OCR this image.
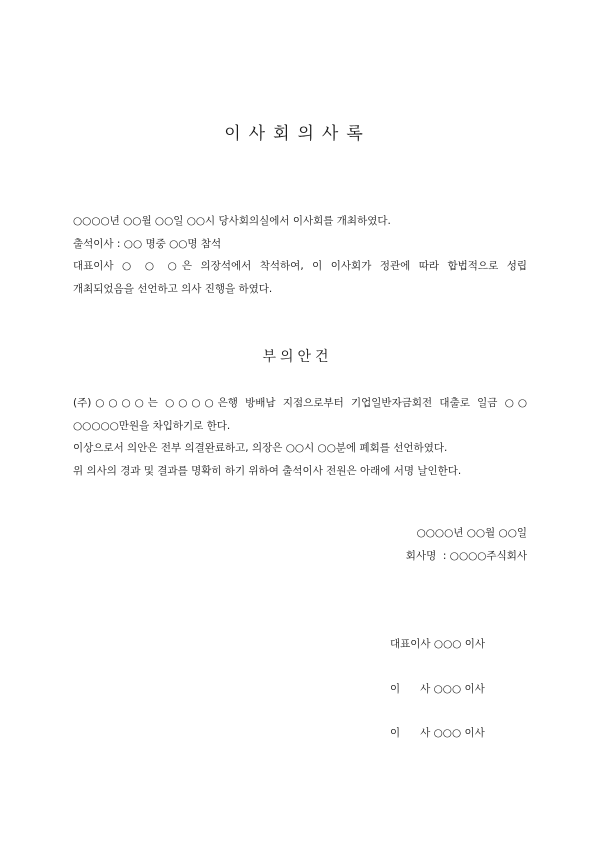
이사회의사록
○○○○년 ○○월 ○○일 ○○시 당사회의실에서 이사회를 개최하였다.
출석이사 : ○○ 명중 ○○명 참석
대표이사 ○ ○ ○은 의장석에서 착석하여, 이 이사회가 정관에 따라 합법적으로 성립
개최되었음을 선언하고 의사 진행을 하였다.
부의안건
(주)○○○○는 ○○○○은행 방배남 지점으로부터 기업일반자금회전 대출로 일금 ○○
○○○○○만원을 차입하기로 한다.
이상으로서 의안은 전부 의결완료하고, 의장은 ○○시 ○○분에 폐회를 선언하였다.
위 의사의 경과 및 결과를 명확히 하기 위하여 출석이사 전원은 아래에 서명 날인한다.
○○○○년 ○○월 ○○일
회사명  : ○○○○주식회사
대표이사 ○○○ 이사
이      사 ○○○ 이사
이      사 ○○○ 이사
